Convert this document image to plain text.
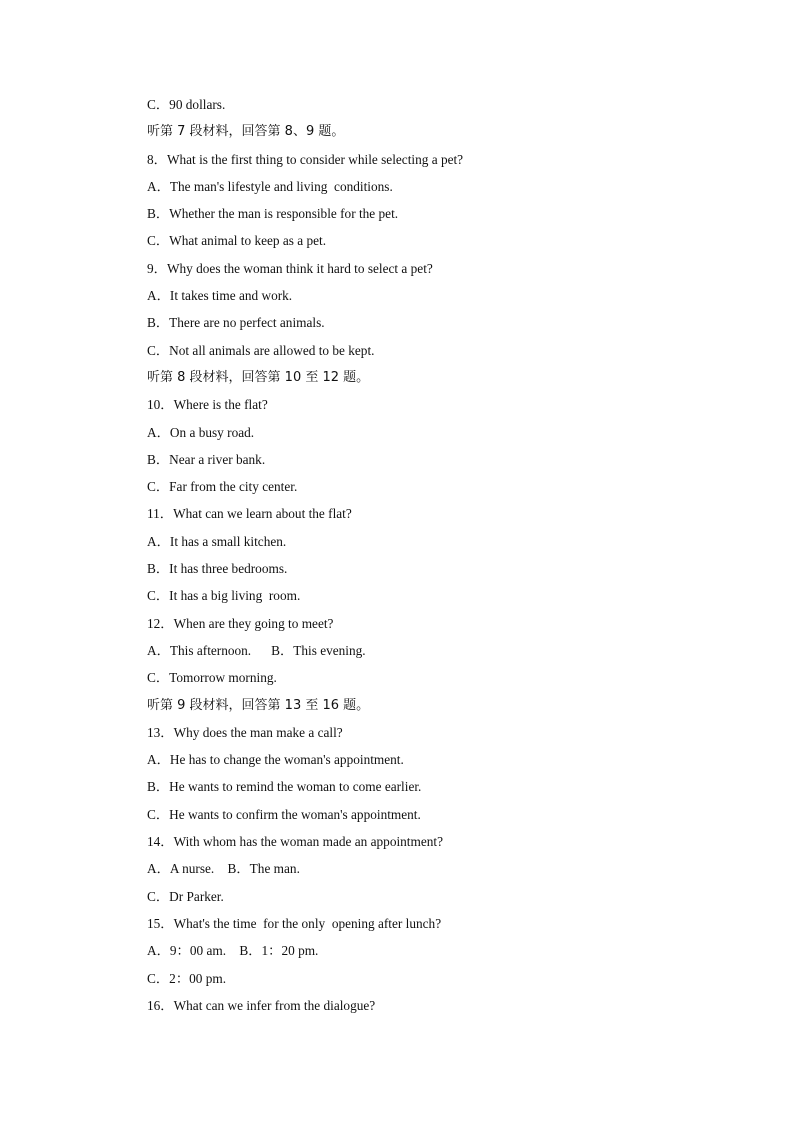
C．90 dollars.
听第 7 段材料，回答第 8、9 题。
8．What is the first thing to consider while selecting a pet?
A．The man's lifestyle and living  conditions.
B．Whether the man is responsible for the pet.
C．What animal to keep as a pet.
9．Why does the woman think it hard to select a pet?
A．It takes time and work.
B．There are no perfect animals.
C．Not all animals are allowed to be kept.
听第 8 段材料，回答第 10 至 12 题。
10．Where is the flat?
A．On a busy road.
B．Near a river bank.
C．Far from the city center.
11．What can we learn about the flat?
A．It has a small kitchen.
B．It has three bedrooms.
C．It has a big living  room.
12．When are they going to meet?
A．This afternoon.      B．This evening.
C．Tomorrow morning.
听第 9 段材料，回答第 13 至 16 题。
13．Why does the man make a call?
A．He has to change the woman's appointment.
B．He wants to remind the woman to come earlier.
C．He wants to confirm the woman's appointment.
14．With whom has the woman made an appointment?
A．A nurse.    B．The man.
C．Dr Parker.
15．What's the time  for the only  opening after lunch?
A．9：00 am.    B．1：20 pm.
C．2：00 pm.
16．What can we infer from the dialogue?
